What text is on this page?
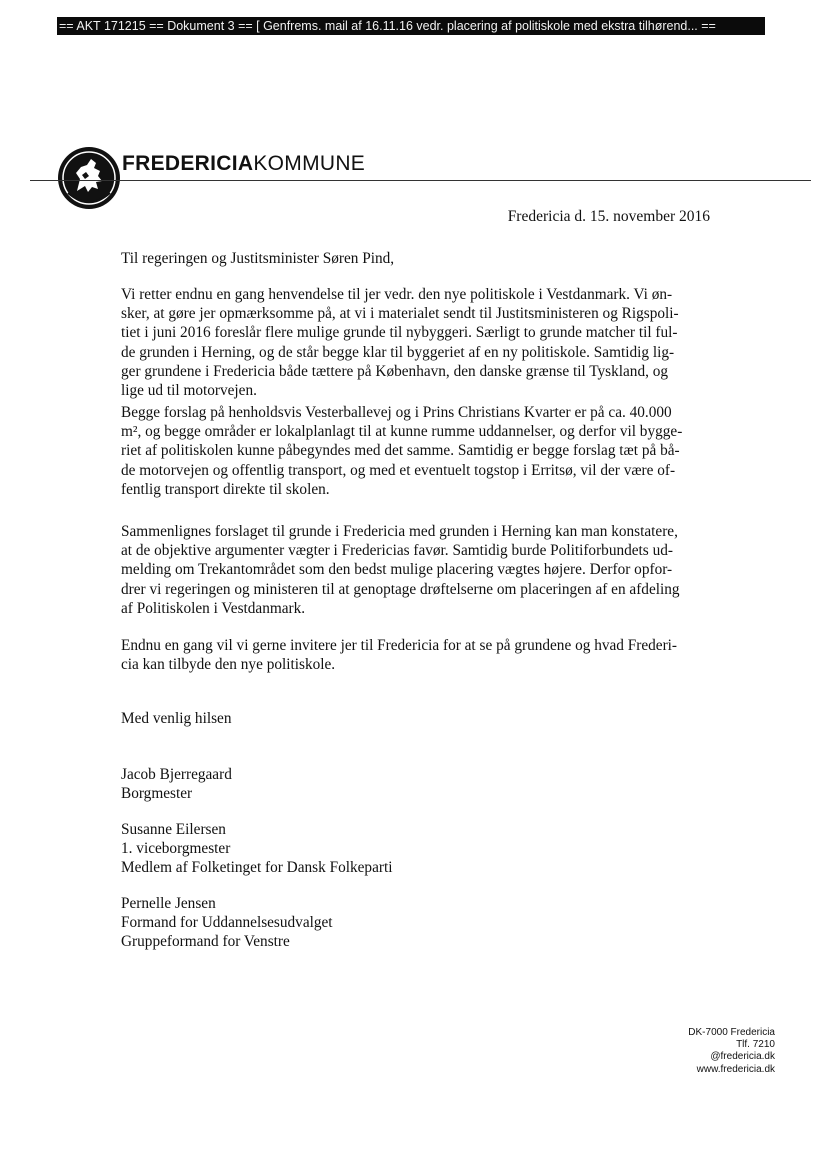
== AKT 171215 == Dokument 3 == [ Genfrems. mail af 16.11.16 vedr. placering af politiskole med ekstra tilhørend... ==
FREDERICIAKOMMUNE
Fredericia d. 15. november 2016
Til regeringen og Justitsminister Søren Pind,
Vi retter endnu en gang henvendelse til jer vedr. den nye politiskole i Vestdanmark. Vi øn-
sker, at gøre jer opmærksomme på, at vi i materialet sendt til Justitsministeren og Rigspoli-
tiet i juni 2016 foreslår flere mulige grunde til nybyggeri. Særligt to grunde matcher til ful-
de grunden i Herning, og de står begge klar til byggeriet af en ny politiskole. Samtidig lig-
ger grundene i Fredericia både tættere på København, den danske grænse til Tyskland, og
lige ud til motorvejen.
Begge forslag på henholdsvis Vesterballevej og i Prins Christians Kvarter er på ca. 40.000
m², og begge områder er lokalplanlagt til at kunne rumme uddannelser, og derfor vil bygge-
riet af politiskolen kunne påbegyndes med det samme. Samtidig er begge forslag tæt på bå-
de motorvejen og offentlig transport, og med et eventuelt togstop i Erritsø, vil der være of-
fentlig transport direkte til skolen.
Sammenlignes forslaget til grunde i Fredericia med grunden i Herning kan man konstatere,
at de objektive argumenter vægter i Fredericias favør. Samtidig burde Politiforbundets ud-
melding om Trekantområdet som den bedst mulige placering vægtes højere. Derfor opfor-
drer vi regeringen og ministeren til at genoptage drøftelserne om placeringen af en afdeling
af Politiskolen i Vestdanmark.
Endnu en gang vil vi gerne invitere jer til Fredericia for at se på grundene og hvad Frederi-
cia kan tilbyde den nye politiskole.
Med venlig hilsen
Jacob Bjerregaard
Borgmester
Susanne Eilersen
1. viceborgmester
Medlem af Folketinget for Dansk Folkeparti
Pernelle Jensen
Formand for Uddannelsesudvalget
Gruppeformand for Venstre
DK-7000 Fredericia
Tlf. 7210
@fredericia.dk
www.fredericia.dk
